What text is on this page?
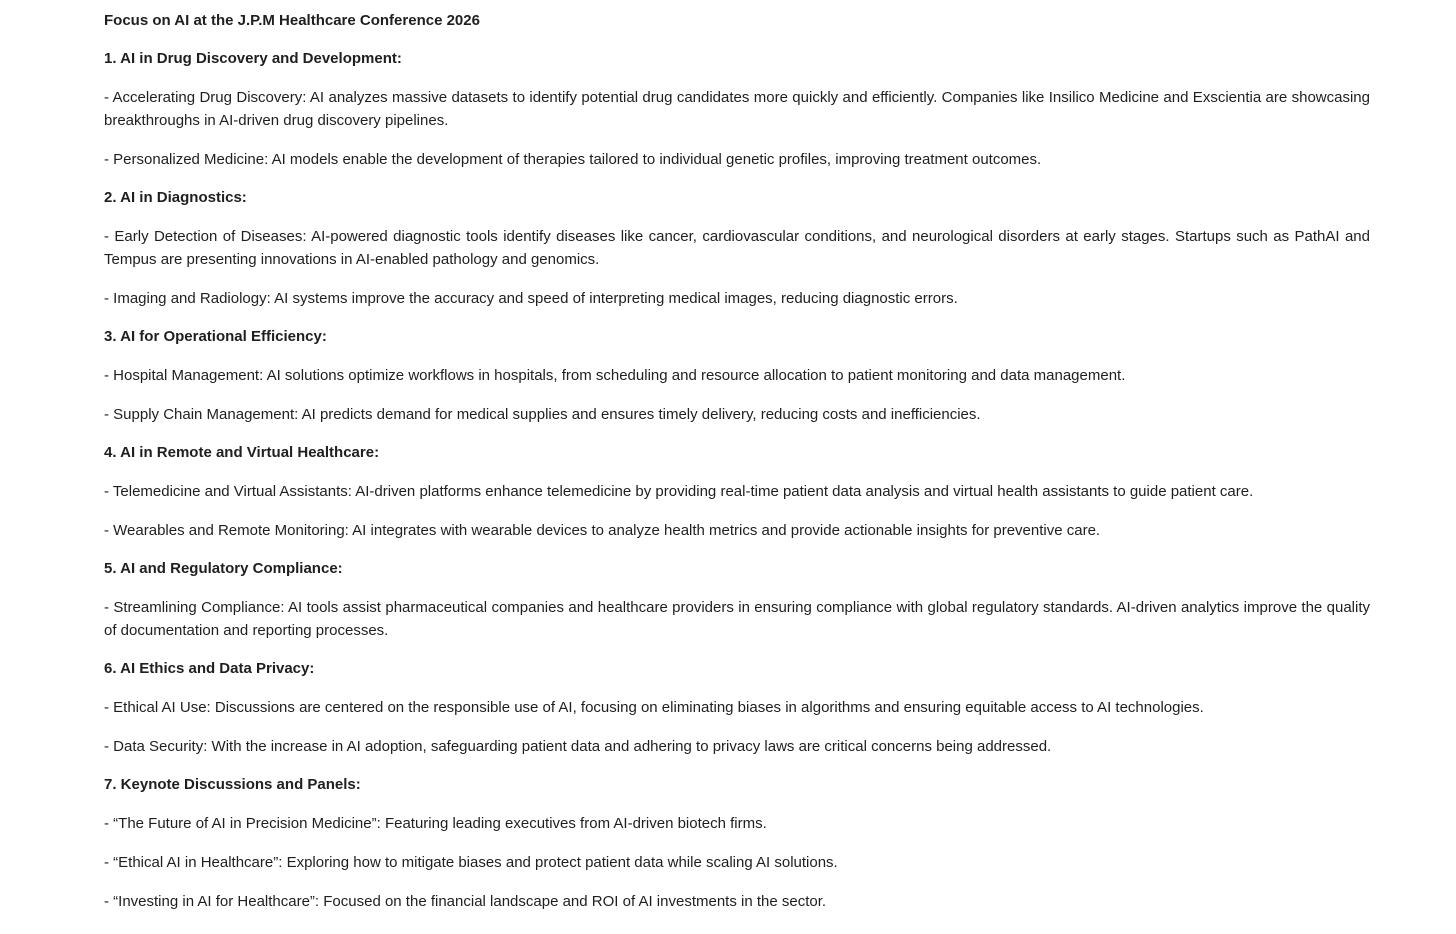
Focus on AI at the J.P.M Healthcare Conference 2026
1. AI in Drug Discovery and Development:
- Accelerating Drug Discovery: AI analyzes massive datasets to identify potential drug candidates more quickly and efficiently. Companies like Insilico Medicine and Exscientia are showcasing breakthroughs in AI-driven drug discovery pipelines.
- Personalized Medicine: AI models enable the development of therapies tailored to individual genetic profiles, improving treatment outcomes.
2. AI in Diagnostics:
- Early Detection of Diseases: AI-powered diagnostic tools identify diseases like cancer, cardiovascular conditions, and neurological disorders at early stages. Startups such as PathAI and Tempus are presenting innovations in AI-enabled pathology and genomics.
- Imaging and Radiology: AI systems improve the accuracy and speed of interpreting medical images, reducing diagnostic errors.
3. AI for Operational Efficiency:
- Hospital Management: AI solutions optimize workflows in hospitals, from scheduling and resource allocation to patient monitoring and data management.
- Supply Chain Management: AI predicts demand for medical supplies and ensures timely delivery, reducing costs and inefficiencies.
4. AI in Remote and Virtual Healthcare:
- Telemedicine and Virtual Assistants: AI-driven platforms enhance telemedicine by providing real-time patient data analysis and virtual health assistants to guide patient care.
- Wearables and Remote Monitoring: AI integrates with wearable devices to analyze health metrics and provide actionable insights for preventive care.
5. AI and Regulatory Compliance:
- Streamlining Compliance: AI tools assist pharmaceutical companies and healthcare providers in ensuring compliance with global regulatory standards. AI-driven analytics improve the quality of documentation and reporting processes.
6. AI Ethics and Data Privacy:
- Ethical AI Use: Discussions are centered on the responsible use of AI, focusing on eliminating biases in algorithms and ensuring equitable access to AI technologies.
- Data Security: With the increase in AI adoption, safeguarding patient data and adhering to privacy laws are critical concerns being addressed.
7. Keynote Discussions and Panels:
- “The Future of AI in Precision Medicine”: Featuring leading executives from AI-driven biotech firms.
- “Ethical AI in Healthcare”: Exploring how to mitigate biases and protect patient data while scaling AI solutions.
- “Investing in AI for Healthcare”: Focused on the financial landscape and ROI of AI investments in the sector.
